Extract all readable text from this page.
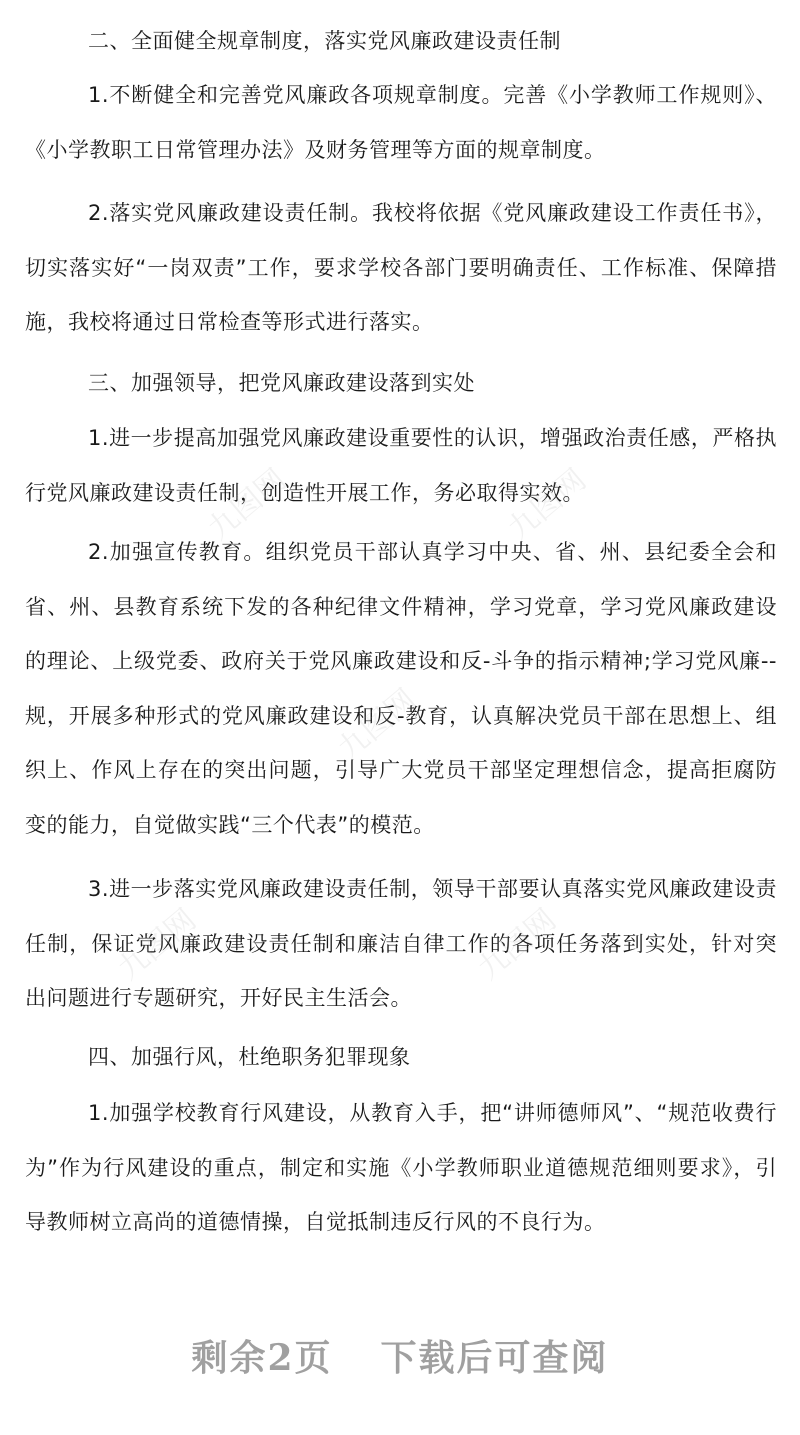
二、全面健全规章制度，落实党风廉政建设责任制

1.不断健全和完善党风廉政各项规章制度。完善《小学教师工作规则》、《小学教职工日常管理办法》及财务管理等方面的规章制度。

2.落实党风廉政建设责任制。我校将依据《党风廉政建设工作责任书》，切实落实好“一岗双责”工作，要求学校各部门要明确责任、工作标准、保障措施，我校将通过日常检查等形式进行落实。

三、加强领导，把党风廉政建设落到实处

1.进一步提高加强党风廉政建设重要性的认识，增强政治责任感，严格执行党风廉政建设责任制，创造性开展工作，务必取得实效。

2.加强宣传教育。组织党员干部认真学习中央、省、州、县纪委全会和省、州、县教育系统下发的各种纪律文件精神，学习党章，学习党风廉政建设的理论、上级党委、政府关于党风廉政建设和反-斗争的指示精神;学习党风廉--规，开展多种形式的党风廉政建设和反-教育，认真解决党员干部在思想上、组织上、作风上存在的突出问题，引导广大党员干部坚定理想信念，提高拒腐防变的能力，自觉做实践“三个代表”的模范。

3.进一步落实党风廉政建设责任制，领导干部要认真落实党风廉政建设责任制，保证党风廉政建设责任制和廉洁自律工作的各项任务落到实处，针对突出问题进行专题研究，开好民主生活会。

四、加强行风，杜绝职务犯罪现象

1.加强学校教育行风建设，从教育入手，把“讲师德师风”、“规范收费行为”作为行风建设的重点，制定和实施《小学教师职业道德规范细则要求》，引导教师树立高尚的道德情操，自觉抵制违反行风的不良行为。

九图网	九图网
九图网
九图网	九图网
剩余2页 下载后可查阅
